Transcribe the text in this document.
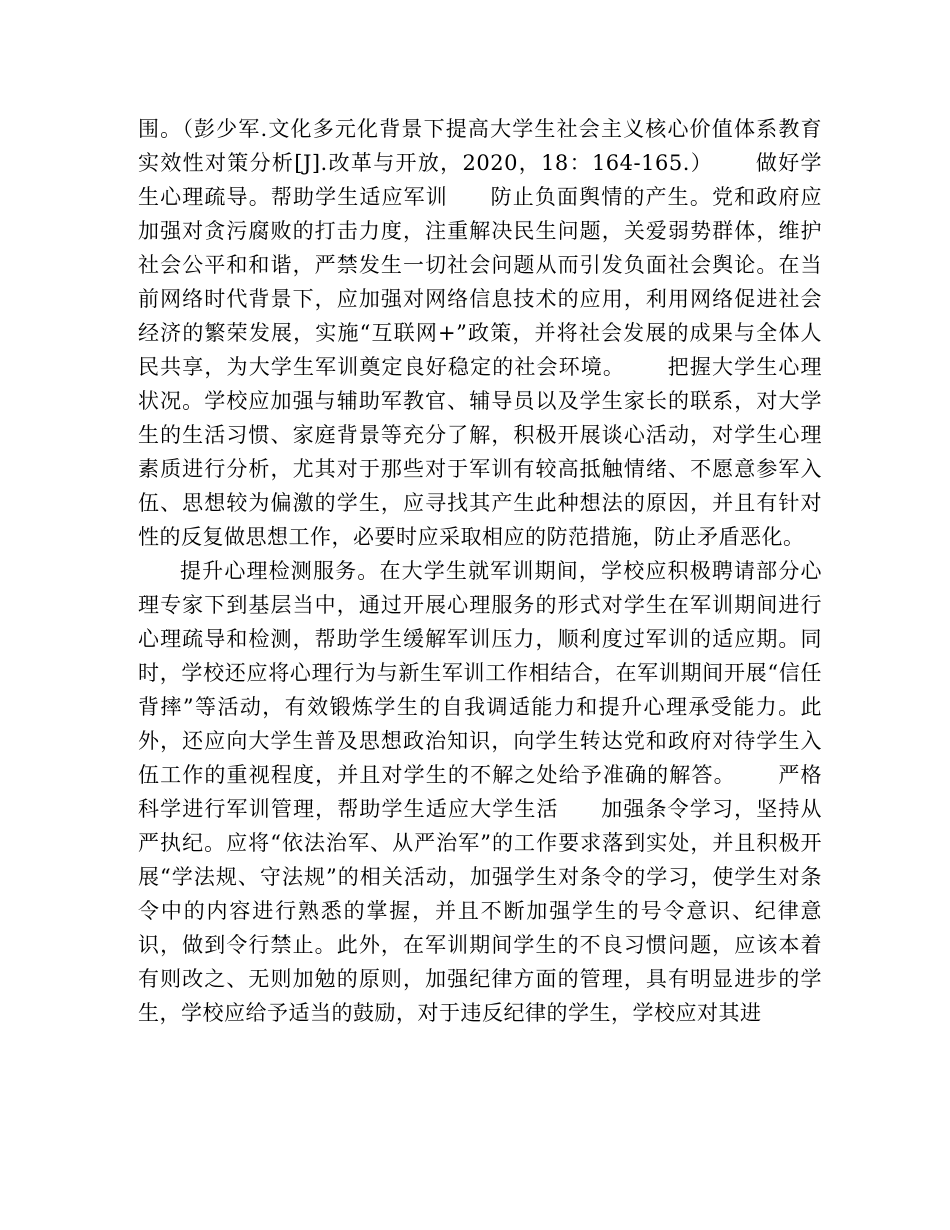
围。（彭少军.文化多元化背景下提高大学生社会主义核心价值体系教育实效性对策分析[J].改革与开放，2020，18：164-165.） 做好学生心理疏导。帮助学生适应军训 防止负面舆情的产生。党和政府应加强对贪污腐败的打击力度，注重解决民生问题，关爱弱势群体，维护社会公平和和谐，严禁发生一切社会问题从而引发负面社会舆论。在当前网络时代背景下，应加强对网络信息技术的应用，利用网络促进社会经济的繁荣发展，实施“互联网+”政策，并将社会发展的成果与全体人民共享，为大学生军训奠定良好稳定的社会环境。 把握大学生心理状况。学校应加强与辅助军教官、辅导员以及学生家长的联系，对大学生的生活习惯、家庭背景等充分了解，积极开展谈心活动，对学生心理素质进行分析，尤其对于那些对于军训有较高抵触情绪、不愿意参军入伍、思想较为偏激的学生，应寻找其产生此种想法的原因，并且有针对性的反复做思想工作，必要时应采取相应的防范措施，防止矛盾恶化。

提升心理检测服务。在大学生就军训期间，学校应积极聘请部分心理专家下到基层当中，通过开展心理服务的形式对学生在军训期间进行心理疏导和检测，帮助学生缓解军训压力，顺利度过军训的适应期。同时，学校还应将心理行为与新生军训工作相结合，在军训期间开展“信任背摔”等活动，有效锻炼学生的自我调适能力和提升心理承受能力。此外，还应向大学生普及思想政治知识，向学生转达党和政府对待学生入伍工作的重视程度，并且对学生的不解之处给予准确的解答。 严格科学进行军训管理，帮助学生适应大学生活 加强条令学习，坚持从严执纪。应将“依法治军、从严治军”的工作要求落到实处，并且积极开展“学法规、守法规”的相关活动，加强学生对条令的学习，使学生对条令中的内容进行熟悉的掌握，并且不断加强学生的号令意识、纪律意识，做到令行禁止。此外，在军训期间学生的不良习惯问题，应该本着有则改之、无则加勉的原则，加强纪律方面的管理，具有明显进步的学生，学校应给予适当的鼓励，对于违反纪律的学生，学校应对其进
